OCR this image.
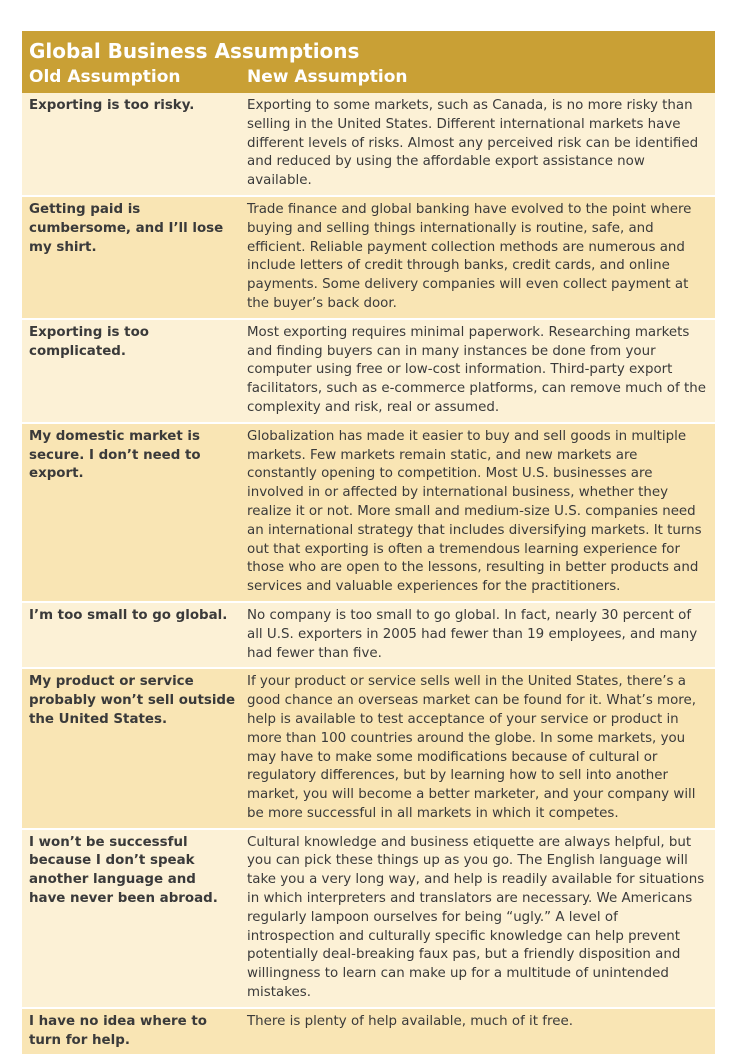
Global Business Assumptions	
Old Assumption	New Assumption
Exporting is too risky.	Exporting to some markets, such as Canada, is no more risky than selling in the United States. Different international markets have different levels of risks. Almost any perceived risk can be identified and reduced by using the affordable export assistance now available.
Getting paid is cumbersome, and I’ll lose my shirt.	Trade finance and global banking have evolved to the point where buying and selling things internationally is routine, safe, and efficient. Reliable payment collection methods are numerous and include letters of credit through banks, credit cards, and online payments. Some delivery companies will even collect payment at the buyer’s back door.
Exporting is too complicated.	Most exporting requires minimal paperwork. Researching markets and finding buyers can in many instances be done from your computer using free or low-cost information. Third-party export facilitators, such as e-commerce platforms, can remove much of the complexity and risk, real or assumed.
My domestic market is secure. I don’t need to export.	Globalization has made it easier to buy and sell goods in multiple markets. Few markets remain static, and new markets are constantly opening to competition. Most U.S. businesses are involved in or affected by international business, whether they realize it or not. More small and medium-size U.S. companies need an international strategy that includes diversifying markets. It turns out that exporting is often a tremendous learning experience for those who are open to the lessons, resulting in better products and services and valuable experiences for the practitioners.
I’m too small to go global.	No company is too small to go global. In fact, nearly 30 percent of all U.S. exporters in 2005 had fewer than 19 employees, and many had fewer than five.
My product or service probably won’t sell outside the United States.	If your product or service sells well in the United States, there’s a good chance an overseas market can be found for it. What’s more, help is available to test acceptance of your service or product in more than 100 countries around the globe. In some markets, you may have to make some modifications because of cultural or regulatory differences, but by learning how to sell into another market, you will become a better marketer, and your company will be more successful in all markets in which it competes.
I won’t be successful because I don’t speak another language and have never been abroad.	Cultural knowledge and business etiquette are always helpful, but you can pick these things up as you go. The English language will take you a very long way, and help is readily available for situations in which interpreters and translators are necessary. We Americans regularly lampoon ourselves for being “ugly.” A level of introspection and culturally specific knowledge can help prevent potentially deal-breaking faux pas, but a friendly disposition and willingness to learn can make up for a multitude of unintended mistakes.
I have no idea where to turn for help.	There is plenty of help available, much of it free.
